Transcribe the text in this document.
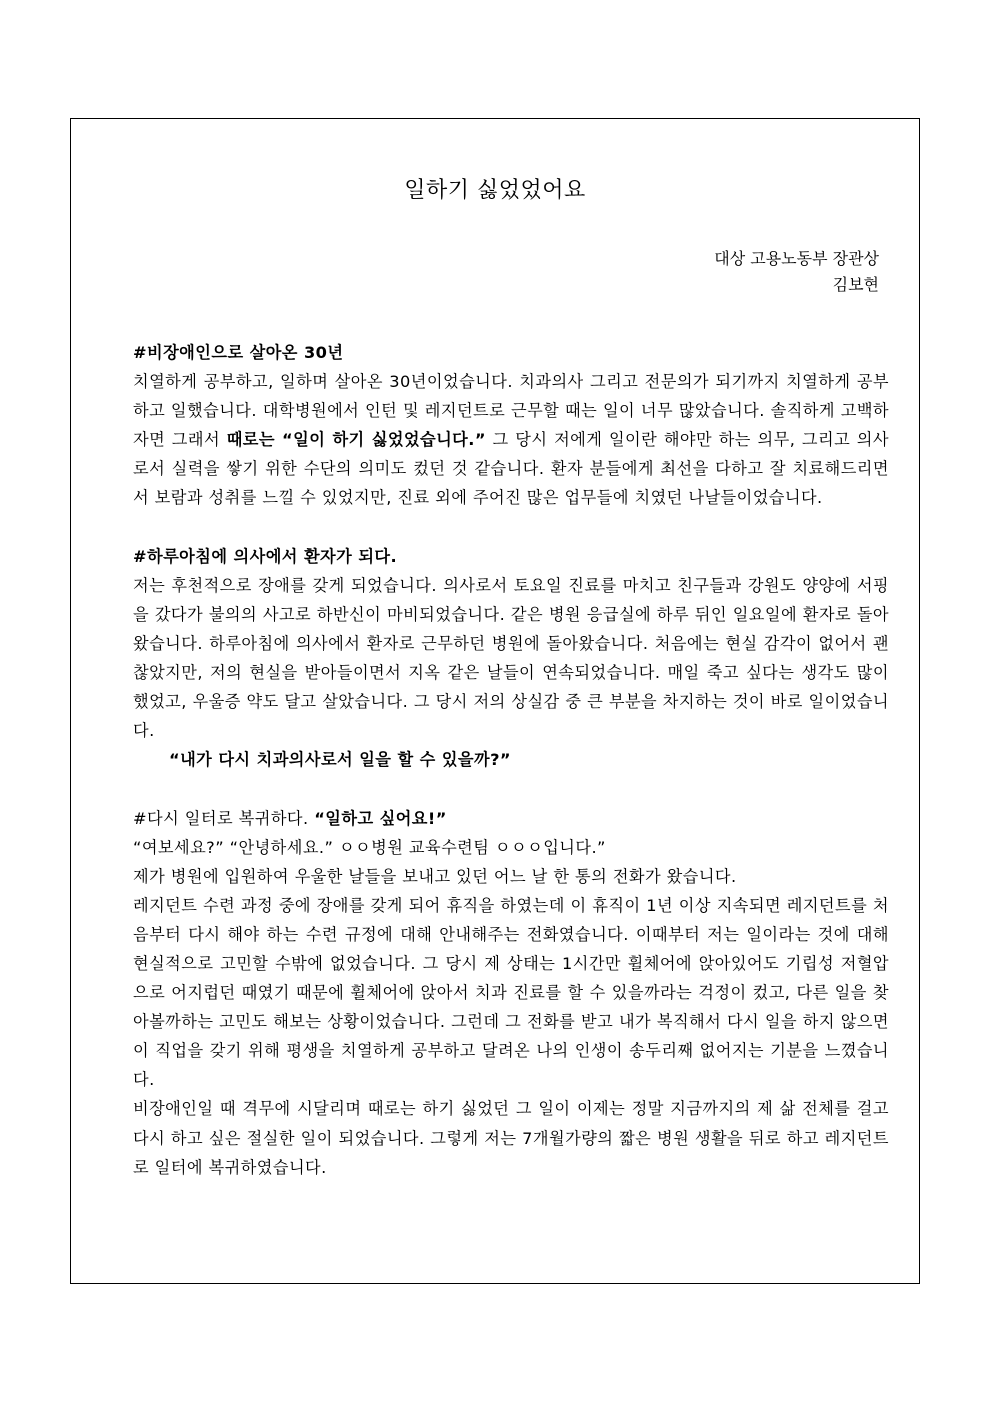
일하기 싫었었어요
대상 고용노동부 장관상
김보현

#비장애인으로 살아온 30년

치열하게 공부하고, 일하며 살아온 30년이었습니다. 치과의사 그리고 전문의가 되기까지 치열하게 공부하고 일했습니다. 대학병원에서 인턴 및 레지던트로 근무할 때는 일이 너무 많았습니다. 솔직하게 고백하자면 그래서 때로는 “일이 하기 싫었었습니다.” 그 당시 저에게 일이란 해야만 하는 의무, 그리고 의사로서 실력을 쌓기 위한 수단의 의미도 컸던 것 같습니다. 환자 분들에게 최선을 다하고 잘 치료해드리면서 보람과 성취를 느낄 수 있었지만, 진료 외에 주어진 많은 업무들에 치였던 나날들이었습니다.

#하루아침에 의사에서 환자가 되다.

저는 후천적으로 장애를 갖게 되었습니다. 의사로서 토요일 진료를 마치고 친구들과 강원도 양양에 서핑을 갔다가 불의의 사고로 하반신이 마비되었습니다. 같은 병원 응급실에 하루 뒤인 일요일에 환자로 돌아왔습니다. 하루아침에 의사에서 환자로 근무하던 병원에 돌아왔습니다. 처음에는 현실 감각이 없어서 괜찮았지만, 저의 현실을 받아들이면서 지옥 같은 날들이 연속되었습니다. 매일 죽고 싶다는 생각도 많이 했었고, 우울증 약도 달고 살았습니다. 그 당시 저의 상실감 중 큰 부분을 차지하는 것이 바로 일이었습니다.

“내가 다시 치과의사로서 일을 할 수 있을까?”

#다시 일터로 복귀하다. “일하고 싶어요!”

“여보세요?” “안녕하세요.” ㅇㅇ병원 교육수련팀 ㅇㅇㅇ입니다.”

제가 병원에 입원하여 우울한 날들을 보내고 있던 어느 날 한 통의 전화가 왔습니다.

레지던트 수련 과정 중에 장애를 갖게 되어 휴직을 하였는데 이 휴직이 1년 이상 지속되면 레지던트를 처음부터 다시 해야 하는 수련 규정에 대해 안내해주는 전화였습니다. 이때부터 저는 일이라는 것에 대해 현실적으로 고민할 수밖에 없었습니다. 그 당시 제 상태는 1시간만 휠체어에 앉아있어도 기립성 저혈압으로 어지럽던 때였기 때문에 휠체어에 앉아서 치과 진료를 할 수 있을까라는 걱정이 컸고, 다른 일을 찾아볼까하는 고민도 해보는 상황이었습니다. 그런데 그 전화를 받고 내가 복직해서 다시 일을 하지 않으면 이 직업을 갖기 위해 평생을 치열하게 공부하고 달려온 나의 인생이 송두리째 없어지는 기분을 느꼈습니다.

비장애인일 때 격무에 시달리며 때로는 하기 싫었던 그 일이 이제는 정말 지금까지의 제 삶 전체를 걸고 다시 하고 싶은 절실한 일이 되었습니다. 그렇게 저는 7개월가량의 짧은 병원 생활을 뒤로 하고 레지던트로 일터에 복귀하였습니다.
